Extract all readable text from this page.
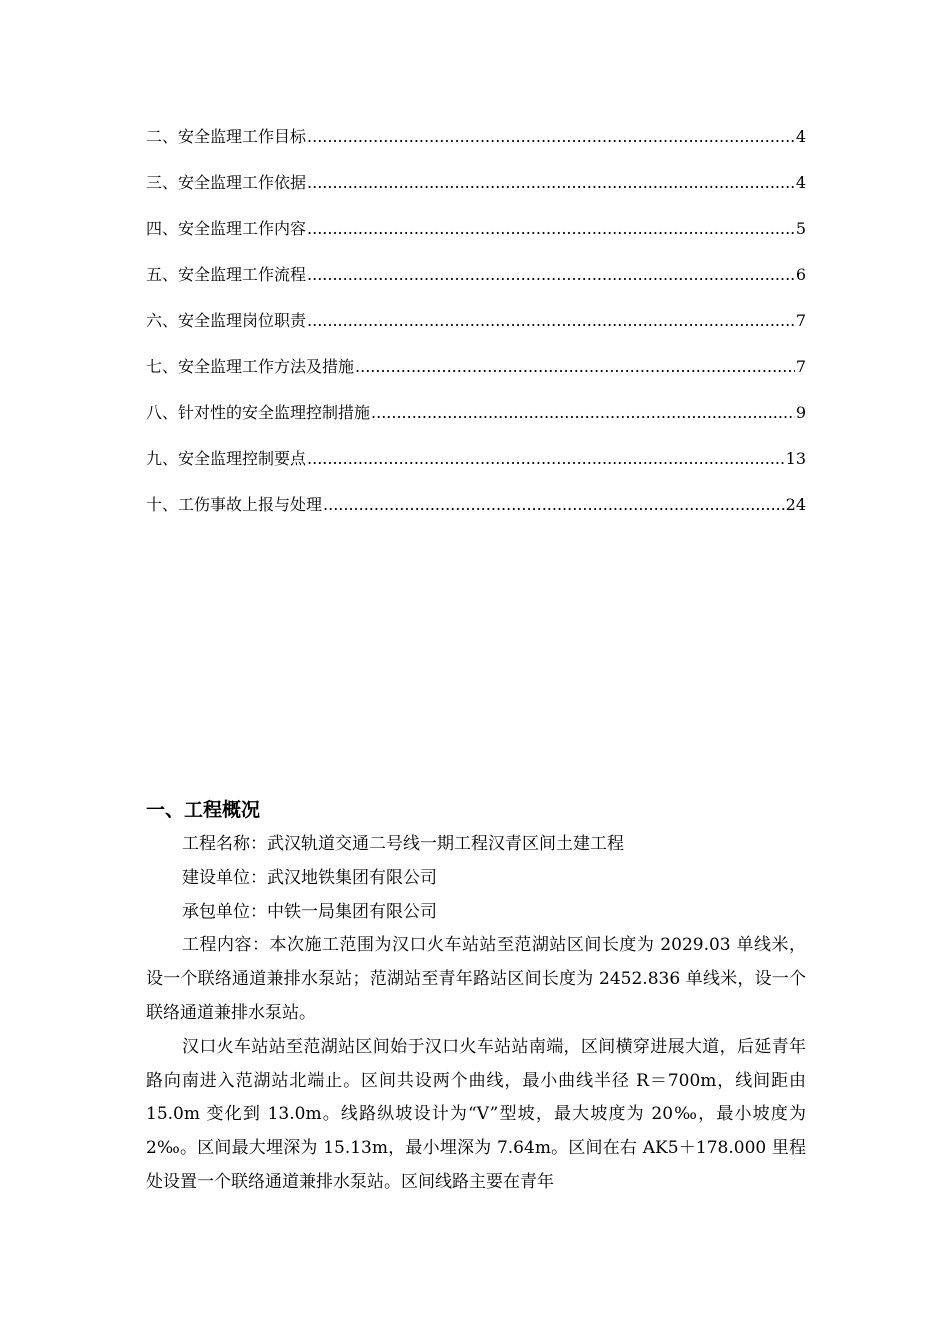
二、安全监理工作目标 .....	4
三、安全监理工作依据 .....	4
四、安全监理工作内容 .....	5
五、安全监理工作流程 .....	6
六、安全监理岗位职责 .....	7
七、安全监理工作方法及措施 .....	7
八、针对性的安全监理控制措施 .....	9
九、安全监理控制要点 .....	13
十、工伤事故上报与处理 .....	24
一、工程概况

工程名称：武汉轨道交通二号线一期工程汉青区间土建工程

建设单位：武汉地铁集团有限公司

承包单位：中铁一局集团有限公司

工程内容：本次施工范围为汉口火车站站至范湖站区间长度为 2029.03 单线米，设一个联络通道兼排水泵站；范湖站至青年路站区间长度为 2452.836 单线米，设一个联络通道兼排水泵站。

汉口火车站站至范湖站区间始于汉口火车站站南端，区间横穿进展大道，后延青年路向南进入范湖站北端止。区间共设两个曲线，最小曲线半径 R＝700m，线间距由 15.0m 变化到 13.0m。线路纵坡设计为“V”型坡，最大坡度为 20‰，最小坡度为 2‰。区间最大埋深为 15.13m，最小埋深为 7.64m。区间在右 AK5＋178.000 里程处设置一个联络通道兼排水泵站。区间线路主要在青年
